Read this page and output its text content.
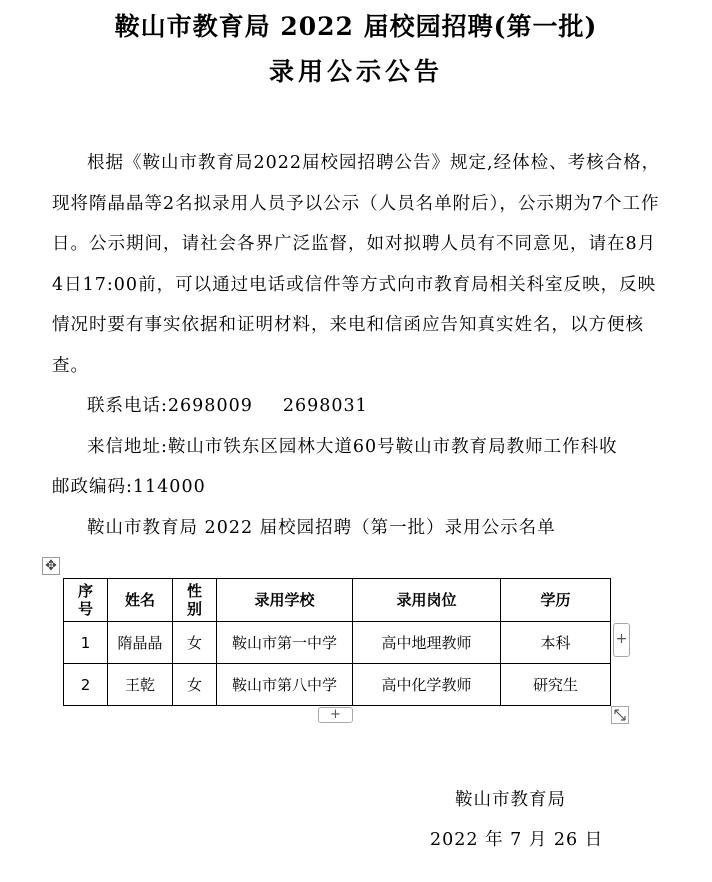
鞍山市教育局 2022 届校园招聘(第一批)
录用公示公告

根据《鞍山市教育局2022届校园招聘公告》规定,经体检、考核合格，现将隋晶晶等2名拟录用人员予以公示（人员名单附后），公示期为7个工作日。公示期间，请社会各界广泛监督，如对拟聘人员有不同意见，请在8月4日17:00前，可以通过电话或信件等方式向市教育局相关科室反映，反映情况时要有事实依据和证明材料，来电和信函应告知真实姓名，以方便核查。

联系电话:2698009 2698031

来信地址:鞍山市铁东区园林大道60号鞍山市教育局教师工作科收邮政编码:114000

鞍山市教育局 2022 届校园招聘（第一批）录用公示名单

✥
序号	姓名	性别	录用学校	录用岗位	学历
1	隋晶晶	女	鞍山市第一中学	高中地理教师	本科
2	王乾	女	鞍山市第八中学	高中化学教师	研究生
+
+
鞍山市教育局
2022 年 7 月 26 日
